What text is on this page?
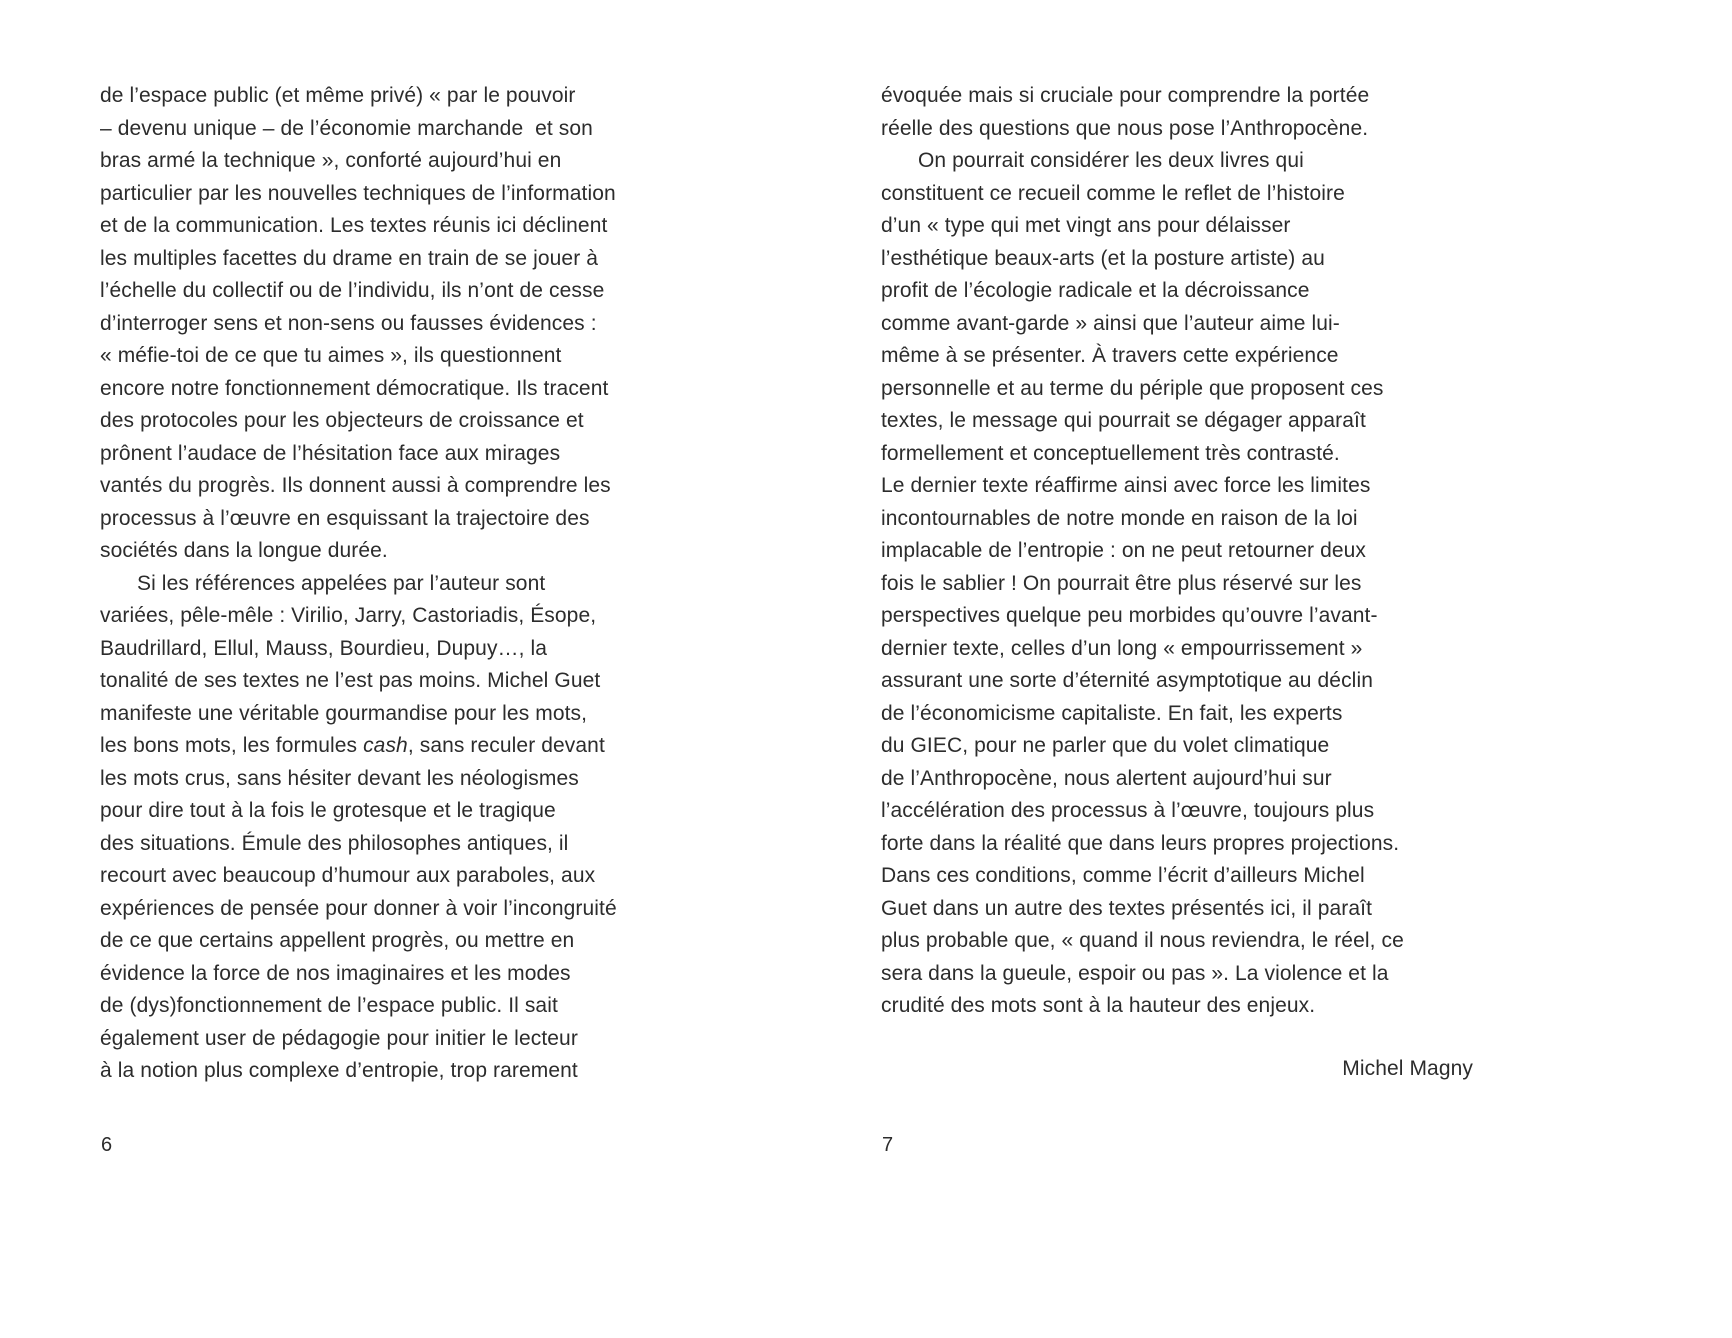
de l’espace public (et même privé) « par le pouvoir
– devenu unique – de l’économie marchande  et son
bras armé la technique », conforté aujourd’hui en
particulier par les nouvelles techniques de l’information
et de la communication. Les textes réunis ici déclinent
les multiples facettes du drame en train de se jouer à
l’échelle du collectif ou de l’individu, ils n’ont de cesse
d’interroger sens et non-sens ou fausses évidences :
« méfie-toi de ce que tu aimes », ils questionnent
encore notre fonctionnement démocratique. Ils tracent
des protocoles pour les objecteurs de croissance et
prônent l’audace de l’hésitation face aux mirages
vantés du progrès. Ils donnent aussi à comprendre les
processus à l’œuvre en esquissant la trajectoire des
sociétés dans la longue durée.
Si les références appelées par l’auteur sont
variées, pêle-mêle : Virilio, Jarry, Castoriadis, Ésope,
Baudrillard, Ellul, Mauss, Bourdieu, Dupuy…, la
tonalité de ses textes ne l’est pas moins. Michel Guet
manifeste une véritable gourmandise pour les mots,
les bons mots, les formules cash, sans reculer devant
les mots crus, sans hésiter devant les néologismes
pour dire tout à la fois le grotesque et le tragique
des situations. Émule des philosophes antiques, il
recourt avec beaucoup d’humour aux paraboles, aux
expériences de pensée pour donner à voir l’incongruité
de ce que certains appellent progrès, ou mettre en
évidence la force de nos imaginaires et les modes
de (dys)fonctionnement de l’espace public. Il sait
également user de pédagogie pour initier le lecteur
à la notion plus complexe d’entropie, trop rarement
évoquée mais si cruciale pour comprendre la portée
réelle des questions que nous pose l’Anthropocène.
On pourrait considérer les deux livres qui
constituent ce recueil comme le reflet de l’histoire
d’un « type qui met vingt ans pour délaisser
l’esthétique beaux-arts (et la posture artiste) au
profit de l’écologie radicale et la décroissance
comme avant-garde » ainsi que l’auteur aime lui-
même à se présenter. À travers cette expérience
personnelle et au terme du périple que proposent ces
textes, le message qui pourrait se dégager apparaît
formellement et conceptuellement très contrasté.
Le dernier texte réaffirme ainsi avec force les limites
incontournables de notre monde en raison de la loi
implacable de l’entropie : on ne peut retourner deux
fois le sablier ! On pourrait être plus réservé sur les
perspectives quelque peu morbides qu’ouvre l’avant-
dernier texte, celles d’un long « empourrissement »
assurant une sorte d’éternité asymptotique au déclin
de l’économicisme capitaliste. En fait, les experts
du GIEC, pour ne parler que du volet climatique
de l’Anthropocène, nous alertent aujourd’hui sur
l’accélération des processus à l’œuvre, toujours plus
forte dans la réalité que dans leurs propres projections.
Dans ces conditions, comme l’écrit d’ailleurs Michel
Guet dans un autre des textes présentés ici, il paraît
plus probable que, « quand il nous reviendra, le réel, ce
sera dans la gueule, espoir ou pas ». La violence et la
crudité des mots sont à la hauteur des enjeux.
Michel Magny
6	7
